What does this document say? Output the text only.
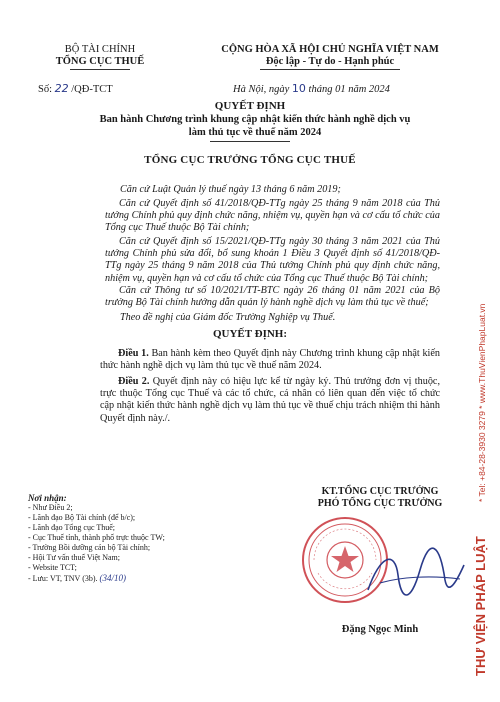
BỘ TÀI CHÍNH
TỔNG CỤC THUẾ
CỘNG HÒA XÃ HỘI CHỦ NGHĨA VIỆT NAM
Độc lập - Tự do - Hạnh phúc
Số: 22 /QĐ-TCT	Hà Nội, ngày 10 tháng 01 năm 2024
QUYẾT ĐỊNH
Ban hành Chương trình khung cập nhật kiến thức hành nghề dịch vụ làm thủ tục về thuế năm 2024
TỔNG CỤC TRƯỞNG TỔNG CỤC THUẾ
Căn cứ Luật Quản lý thuế ngày 13 tháng 6 năm 2019;
Căn cứ Quyết định số 41/2018/QĐ-TTg ngày 25 tháng 9 năm 2018 của Thủ tướng Chính phủ quy định chức năng, nhiệm vụ, quyền hạn và cơ cấu tổ chức của Tổng cục Thuế thuộc Bộ Tài chính;
Căn cứ Quyết định số 15/2021/QĐ-TTg ngày 30 tháng 3 năm 2021 của Thủ tướng Chính phủ sửa đổi, bổ sung khoản 1 Điều 3 Quyết định số 41/2018/QĐ-TTg ngày 25 tháng 9 năm 2018 của Thủ tướng Chính phủ quy định chức năng, nhiệm vụ, quyền hạn và cơ cấu tổ chức của Tổng cục Thuế thuộc Bộ Tài chính;
Căn cứ Thông tư số 10/2021/TT-BTC ngày 26 tháng 01 năm 2021 của Bộ trưởng Bộ Tài chính hướng dẫn quản lý hành nghề dịch vụ làm thủ tục về thuế;
Theo đề nghị của Giám đốc Trường Nghiệp vụ Thuế.
QUYẾT ĐỊNH:
Điều 1. Ban hành kèm theo Quyết định này Chương trình khung cập nhật kiến thức hành nghề dịch vụ làm thủ tục về thuế năm 2024.
Điều 2. Quyết định này có hiệu lực kể từ ngày ký. Thủ trưởng đơn vị thuộc, trực thuộc Tổng cục Thuế và các tổ chức, cá nhân có liên quan đến việc tổ chức cập nhật kiến thức hành nghề dịch vụ làm thủ tục về thuế chịu trách nhiệm thi hành Quyết định này./.
Nơi nhận:
- Như Điều 2;
- Lãnh đạo Bộ Tài chính (để b/c);
- Lãnh đạo Tổng cục Thuế;
- Cục Thuế tỉnh, thành phố trực thuộc TW;
- Trường Bồi dưỡng cán bộ Tài chính;
- Hội Tư vấn thuế Việt Nam;
- Website TCT;
- Lưu: VT, TNV (3b). (34/10)
KT.TỔNG CỤC TRƯỞNG
PHÓ TỔNG CỤC TRƯỞNG
Đặng Ngọc Minh	THƯ VIỆN PHÁP LUẬT
* Tel: +84-28-3930 3279 * www.ThuVienPhapLuat.vn
